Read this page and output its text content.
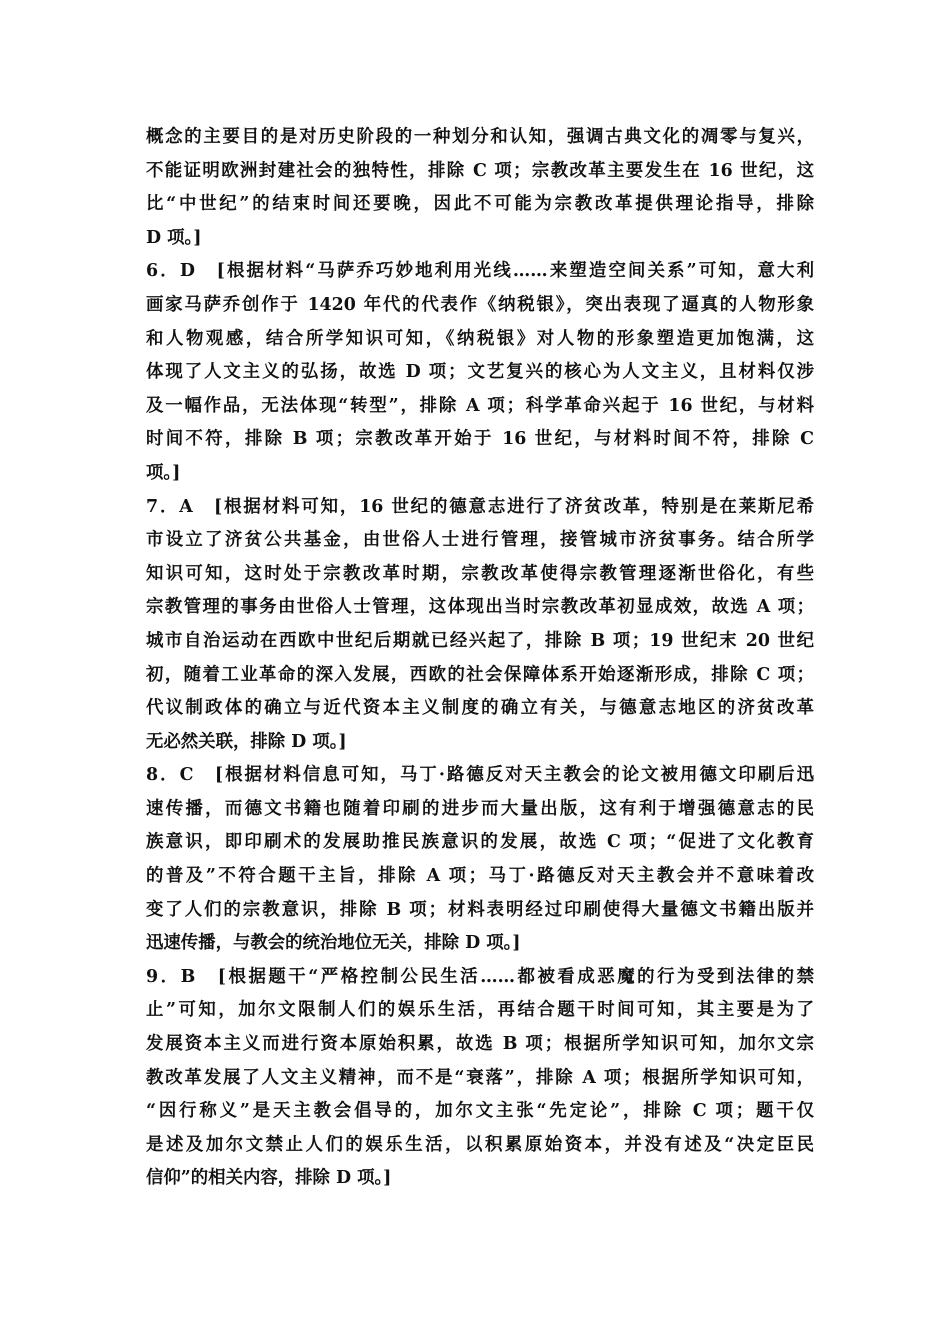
概念的主要目的是对历史阶段的一种划分和认知，强调古典文化的凋零与复兴，
不能证明欧洲封建社会的独特性，排除 C 项；宗教改革主要发生在 16 世纪，这
比“中世纪”的结束时间还要晚，因此不可能为宗教改革提供理论指导，排除
D 项。]
6．D　[根据材料“马萨乔巧妙地利用光线……来塑造空间关系”可知，意大利
画家马萨乔创作于 1420 年代的代表作《纳税银》，突出表现了逼真的人物形象
和人物观感，结合所学知识可知，《纳税银》对人物的形象塑造更加饱满，这
体现了人文主义的弘扬，故选 D 项；文艺复兴的核心为人文主义，且材料仅涉
及一幅作品，无法体现“转型”，排除 A 项；科学革命兴起于 16 世纪，与材料
时间不符，排除 B 项；宗教改革开始于 16 世纪，与材料时间不符，排除 C
项。]
7．A　[根据材料可知，16 世纪的德意志进行了济贫改革，特别是在莱斯尼希
市设立了济贫公共基金，由世俗人士进行管理，接管城市济贫事务。结合所学
知识可知，这时处于宗教改革时期，宗教改革使得宗教管理逐渐世俗化，有些
宗教管理的事务由世俗人士管理，这体现出当时宗教改革初显成效，故选 A 项；
城市自治运动在西欧中世纪后期就已经兴起了，排除 B 项；19 世纪末 20 世纪
初，随着工业革命的深入发展，西欧的社会保障体系开始逐渐形成，排除 C 项；
代议制政体的确立与近代资本主义制度的确立有关，与德意志地区的济贫改革
无必然关联，排除 D 项。]
8．C　[根据材料信息可知，马丁·路德反对天主教会的论文被用德文印刷后迅
速传播，而德文书籍也随着印刷的进步而大量出版，这有利于增强德意志的民
族意识，即印刷术的发展助推民族意识的发展，故选 C 项；“促进了文化教育
的普及”不符合题干主旨，排除 A 项；马丁·路德反对天主教会并不意味着改
变了人们的宗教意识，排除 B 项；材料表明经过印刷使得大量德文书籍出版并
迅速传播，与教会的统治地位无关，排除 D 项。]
9．B　[根据题干“严格控制公民生活……都被看成恶魔的行为受到法律的禁
止”可知，加尔文限制人们的娱乐生活，再结合题干时间可知，其主要是为了
发展资本主义而进行资本原始积累，故选 B 项；根据所学知识可知，加尔文宗
教改革发展了人文主义精神，而不是“衰落”，排除 A 项；根据所学知识可知，
“因行称义”是天主教会倡导的，加尔文主张“先定论”，排除 C 项；题干仅
是述及加尔文禁止人们的娱乐生活，以积累原始资本，并没有述及“决定臣民
信仰”的相关内容，排除 D 项。]
